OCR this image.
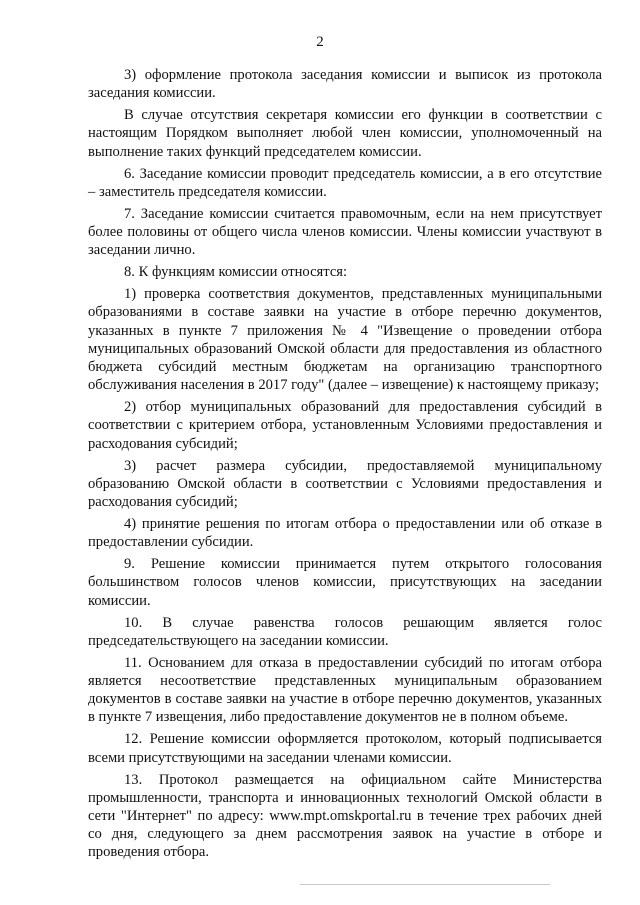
2

3) оформление протокола заседания комиссии и выписок из протокола заседания комиссии.

В случае отсутствия секретаря комиссии его функции в соответствии с настоящим Порядком выполняет любой член комиссии, уполномоченный на выполнение таких функций председателем комиссии.

6. Заседание комиссии проводит председатель комиссии, а в его отсутствие – заместитель председателя комиссии.

7. Заседание комиссии считается правомочным, если на нем присутствует более половины от общего числа членов комиссии. Члены комиссии участвуют в заседании лично.

8. К функциям комиссии относятся:

1) проверка соответствия документов, представленных муниципальными образованиями в составе заявки на участие в отборе перечню документов, указанных в пункте 7 приложения № 4 "Извещение о проведении отбора муниципальных образований Омской области для предоставления из областного бюджета субсидий местным бюджетам на организацию транспортного обслуживания населения в 2017 году" (далее – извещение) к настоящему приказу;

2) отбор муниципальных образований для предоставления субсидий в соответствии с критерием отбора, установленным Условиями предоставления и расходования субсидий;

3) расчет размера субсидии, предоставляемой муниципальному образованию Омской области в соответствии с Условиями предоставления и расходования субсидий;

4) принятие решения по итогам отбора о предоставлении или об отказе в предоставлении субсидии.

9. Решение комиссии принимается путем открытого голосования большинством голосов членов комиссии, присутствующих на заседании комиссии.

10. В случае равенства голосов решающим является голос председательствующего на заседании комиссии.

11. Основанием для отказа в предоставлении субсидий по итогам отбора является несоответствие представленных муниципальным образованием документов в составе заявки на участие в отборе перечню документов, указанных в пункте 7 извещения, либо предоставление документов не в полном объеме.

12. Решение комиссии оформляется протоколом, который подписывается всеми присутствующими на заседании членами комиссии.

13. Протокол размещается на официальном сайте Министерства промышленности, транспорта и инновационных технологий Омской области в сети "Интернет" по адресу: www.mpt.omskportal.ru в течение трех рабочих дней со дня, следующего за днем рассмотрения заявок на участие в отборе и проведения отбора.
